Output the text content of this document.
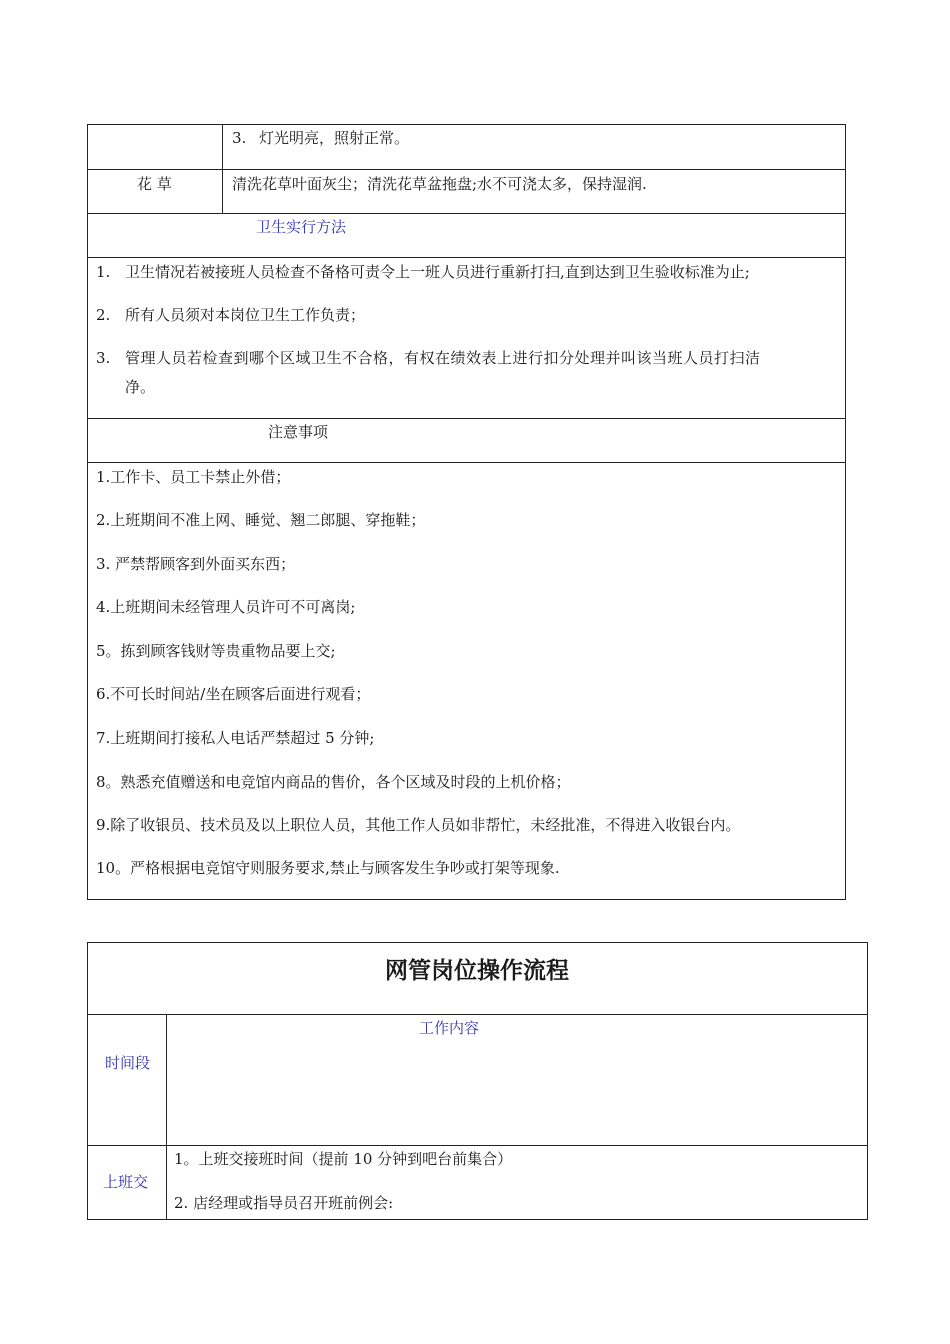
3. 灯光明亮，照射正常。
花 草	清洗花草叶面灰尘；清洗花草盆拖盘;水不可浇太多，保持湿润.
卫生实行方法
1. 卫生情况若被接班人员检查不备格可责令上一班人员进行重新打扫,直到达到卫生验收标准为止;
2. 所有人员须对本岗位卫生工作负责；
3. 管理人员若检查到哪个区域卫生不合格，有权在绩效表上进行扣分处理并叫该当班人员打扫洁
净。
注意事项
1.工作卡、员工卡禁止外借；
2.上班期间不准上网、睡觉、翘二郎腿、穿拖鞋；
3. 严禁帮顾客到外面买东西；
4.上班期间未经管理人员许可不可离岗;
5。拣到顾客钱财等贵重物品要上交;
6.不可长时间站/坐在顾客后面进行观看；
7.上班期间打接私人电话严禁超过 5 分钟;
8。熟悉充值赠送和电竞馆内商品的售价，各个区域及时段的上机价格；
9.除了收银员、技术员及以上职位人员，其他工作人员如非帮忙，未经批准，不得进入收银台内。
10。严格根据电竞馆守则服务要求,禁止与顾客发生争吵或打架等现象.
网管岗位操作流程
时间段
工作内容
上班交
1。上班交接班时间（提前 10 分钟到吧台前集合）
2. 店经理或指导员召开班前例会:
